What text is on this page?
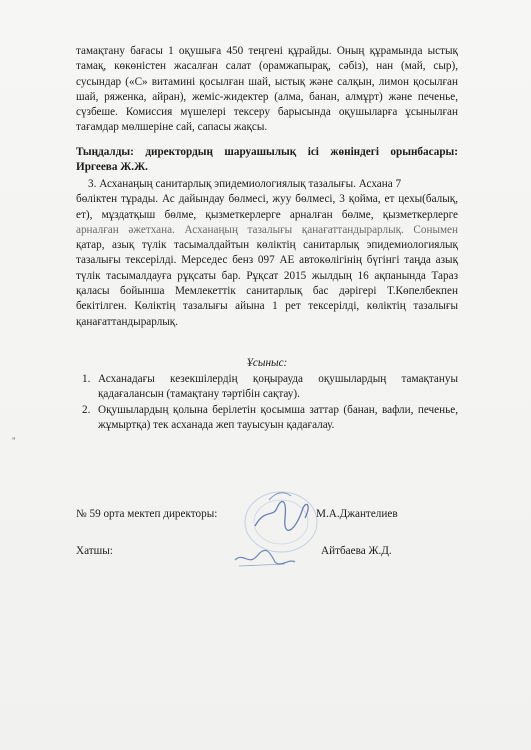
тамақтану бағасы 1 оқушыға 450 теңгені құрайды. Оның құрамында ыстық
тамақ, көкөністен жасалған салат (орамжапырақ, сәбіз), нан (май, сыр),
сусындар («С» витамині қосылған шай, ыстық және салқын, лимон қосылған
шай, ряженка, айран), жеміс-жидектер (алма, банан, алмұрт) және печенье,
сүзбеше. Комиссия мүшелері тексеру барысында оқушыларға ұсынылған
тағамдар мөлшеріне сай, сапасы жақсы.
Тыңдалды: директордың шаруашылық ісі жөніндегі орынбасары:
Иргеева Ж.Ж.
3. Асханаңың санитарлық эпидемиологиялық тазалығы. Асхана 7
бөліктен тұрады. Ас дайындау бөлмесі, жуу бөлмесі, 3 қойма, ет цехы(балық,
ет), мұздатқыш бөлме, қызметкерлерге арналған бөлме, қызметкерлерге
арналған әжетхана. Асханаңың тазалығы қанағаттандырарлық. Сонымен
қатар, азық түлік тасымалдайтын көліктің санитарлық эпидемиологиялық
тазалығы тексерілді. Мерседес бенз 097 АЕ автокөлігінің бүгінгі таңда азық
түлік тасымалдауға рұқсаты бар. Рұқсат 2015 жылдың 16 ақпанында Тараз
қаласы бойынша Мемлекеттік санитарлық бас дәрігері Т.Көпелбекпен
бекітілген. Көліктің тазалығы айына 1 рет тексерілді, көліктің тазалығы
қанағаттандырарлық.
Ұсыныс:
1. Асханадағы кезекшілердің қоңырауда оқушылардың тамақтануы қадағалансын (тамақтану тәртібін сақтау).
2. Оқушылардың қолына берілетін қосымша заттар (банан, вафли, печенье, жұмыртқа) тек асханада жеп тауысуын қадағалау.
"
№ 59 орта мектеп директоры:	М.А.Джантелиев
Хатшы:	Айтбаева Ж.Д.
